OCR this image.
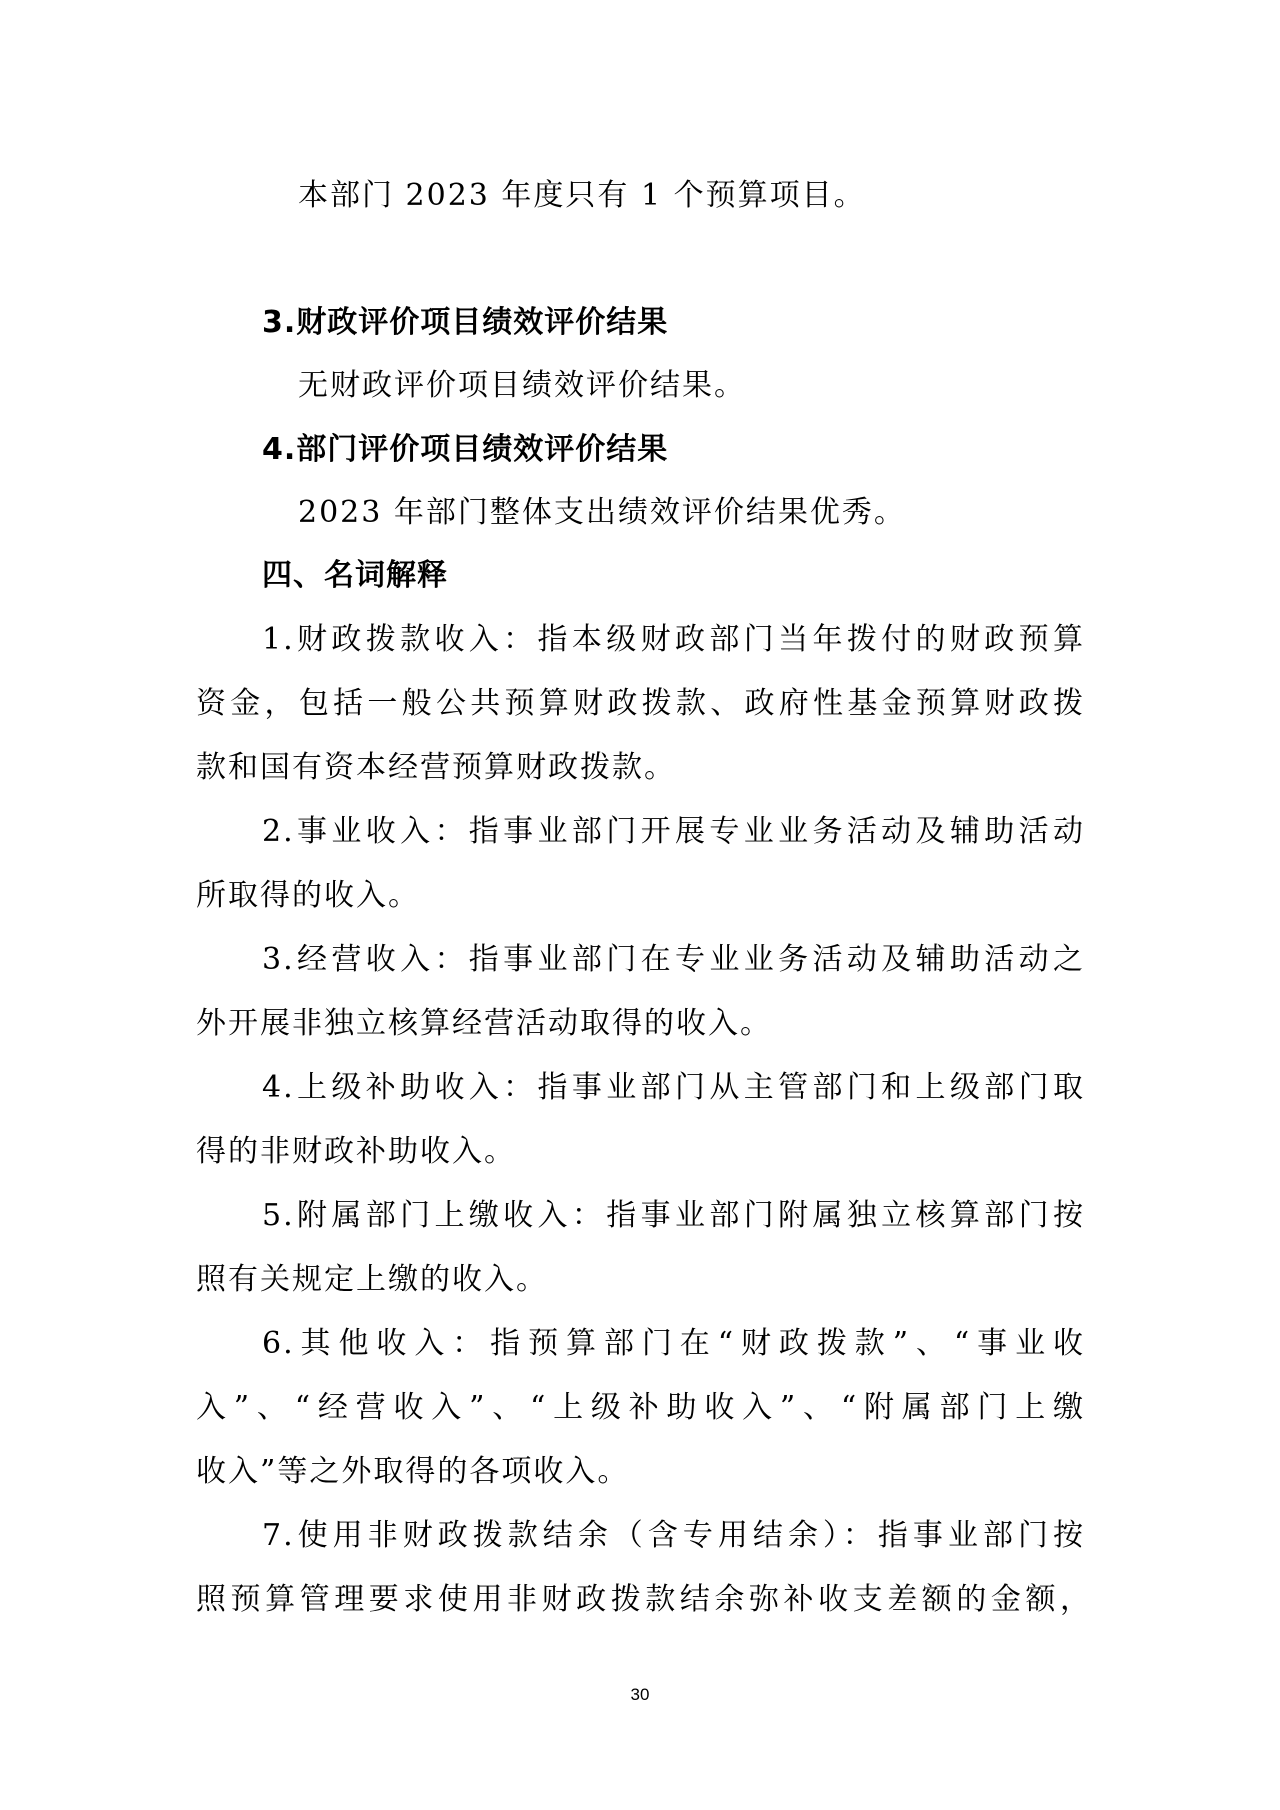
本部门 2023 年度只有 1 个预算项目。
3.财政评价项目绩效评价结果
无财政评价项目绩效评价结果。
4.部门评价项目绩效评价结果
2023 年部门整体支出绩效评价结果优秀。
四、名词解释
1.财政拨款收入：指本级财政部门当年拨付的财政预算
资金，包括一般公共预算财政拨款、政府性基金预算财政拨
款和国有资本经营预算财政拨款。
2.事业收入：指事业部门开展专业业务活动及辅助活动
所取得的收入。
3.经营收入：指事业部门在专业业务活动及辅助活动之
外开展非独立核算经营活动取得的收入。
4.上级补助收入：指事业部门从主管部门和上级部门取
得的非财政补助收入。
5.附属部门上缴收入：指事业部门附属独立核算部门按
照有关规定上缴的收入。
6.其他收入：指预算部门在“财政拨款”、“事业收
入”、“经营收入”、“上级补助收入”、“附属部门上缴
收入”等之外取得的各项收入。
7.使用非财政拨款结余（含专用结余）：指事业部门按
照预算管理要求使用非财政拨款结余弥补收支差额的金额，
30
